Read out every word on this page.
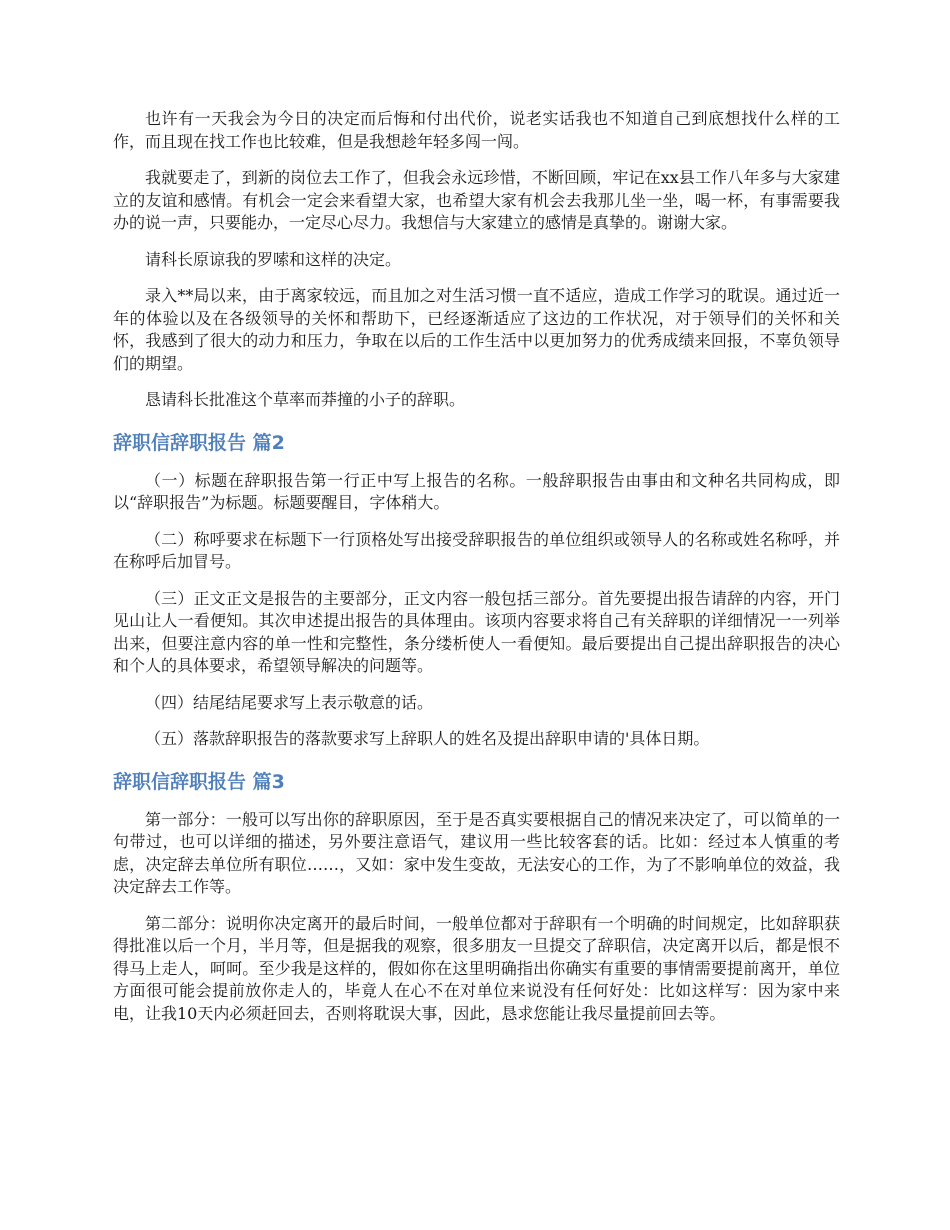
也许有一天我会为今日的决定而后悔和付出代价，说老实话我也不知道自己到底想找什么样的工作，而且现在找工作也比较难，但是我想趁年轻多闯一闯。

我就要走了，到新的岗位去工作了，但我会永远珍惜，不断回顾，牢记在xx县工作八年多与大家建立的友谊和感情。有机会一定会来看望大家，也希望大家有机会去我那儿坐一坐，喝一杯，有事需要我办的说一声，只要能办，一定尽心尽力。我想信与大家建立的感情是真挚的。谢谢大家。

请科长原谅我的罗嗦和这样的决定。

录入**局以来，由于离家较远，而且加之对生活习惯一直不适应，造成工作学习的耽误。通过近一年的体验以及在各级领导的关怀和帮助下，已经逐渐适应了这边的工作状况，对于领导们的关怀和关怀，我感到了很大的动力和压力，争取在以后的工作生活中以更加努力的优秀成绩来回报，不辜负领导们的期望。

恳请科长批准这个草率而莽撞的小子的辞职。

辞职信辞职报告 篇2

（一）标题在辞职报告第一行正中写上报告的名称。一般辞职报告由事由和文种名共同构成，即以“辞职报告”为标题。标题要醒目，字体稍大。

（二）称呼要求在标题下一行顶格处写出接受辞职报告的单位组织或领导人的名称或姓名称呼，并在称呼后加冒号。

（三）正文正文是报告的主要部分，正文内容一般包括三部分。首先要提出报告请辞的内容，开门见山让人一看便知。其次申述提出报告的具体理由。该项内容要求将自己有关辞职的详细情况一一列举出来，但要注意内容的单一性和完整性，条分缕析使人一看便知。最后要提出自己提出辞职报告的决心和个人的具体要求，希望领导解决的问题等。

（四）结尾结尾要求写上表示敬意的话。

（五）落款辞职报告的落款要求写上辞职人的姓名及提出辞职申请的'具体日期。

辞职信辞职报告 篇3

第一部分：一般可以写出你的辞职原因，至于是否真实要根据自己的情况来决定了，可以简单的一句带过，也可以详细的描述，另外要注意语气，建议用一些比较客套的话。比如：经过本人慎重的考虑，决定辞去单位所有职位……，又如：家中发生变故，无法安心的工作，为了不影响单位的效益，我决定辞去工作等。

第二部分：说明你决定离开的最后时间，一般单位都对于辞职有一个明确的时间规定，比如辞职获得批准以后一个月，半月等，但是据我的观察，很多朋友一旦提交了辞职信，决定离开以后，都是恨不得马上走人，呵呵。至少我是这样的，假如你在这里明确指出你确实有重要的事情需要提前离开，单位方面很可能会提前放你走人的，毕竟人在心不在对单位来说没有任何好处：比如这样写：因为家中来电，让我10天内必须赶回去，否则将耽误大事，因此，恳求您能让我尽量提前回去等。
